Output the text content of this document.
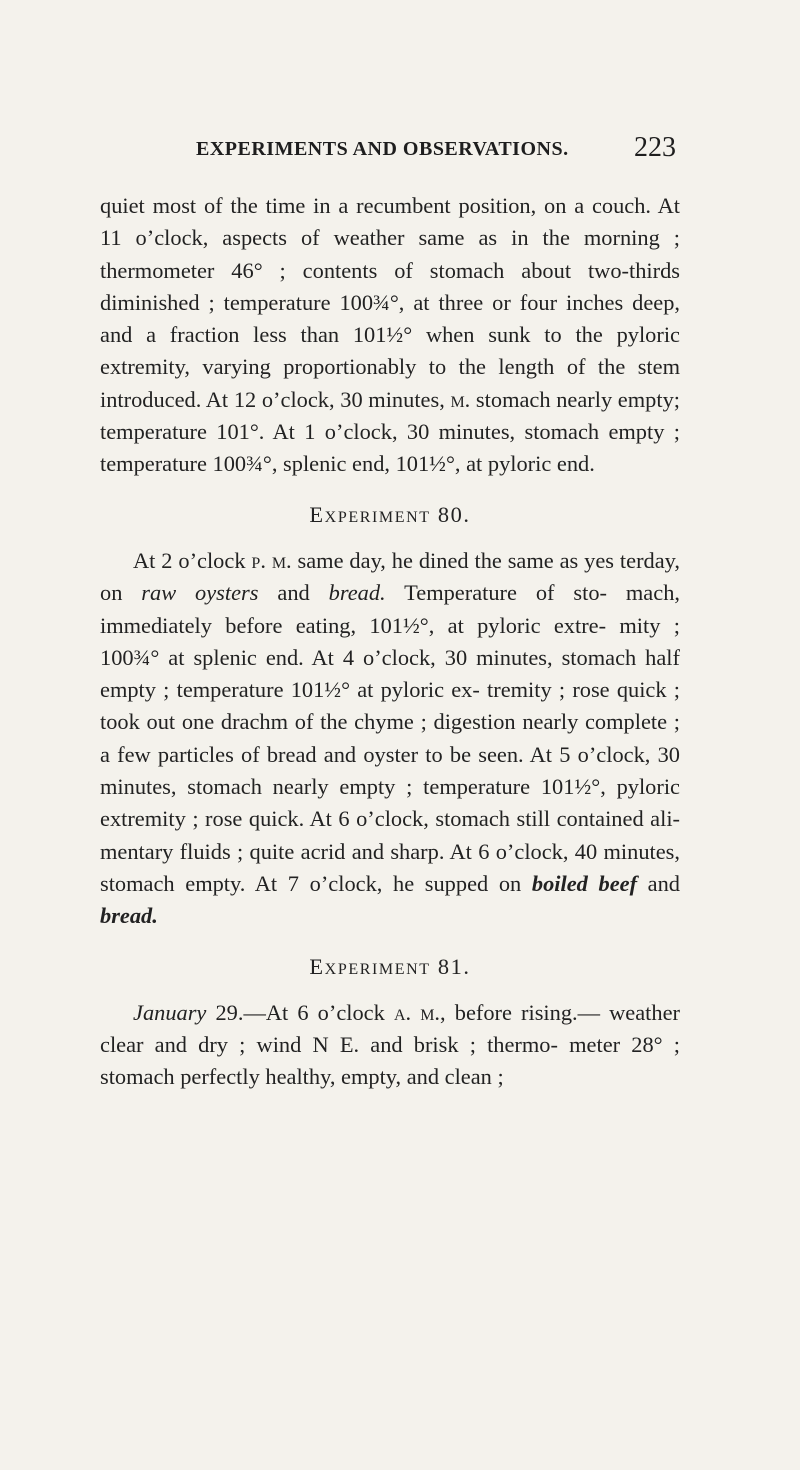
EXPERIMENTS AND OBSERVATIONS. 223

quiet most of the time in a recumbent position, on a couch. At 11 o’clock, aspects of weather same as in the morning ; thermometer 46° ; contents of stomach about two-thirds diminished ; temperature 100¾°, at three or four inches deep, and a fraction less than 101½° when sunk to the pyloric extremity, varying proportionably to the length of the stem introduced. At 12 o’clock, 30 minutes, m. stomach nearly empty; temperature 101°. At 1 o’clock, 30 minutes, stomach empty ; temperature 100¾°, splenic end, 101½°, at pyloric end.

Experiment 80.

At 2 o’clock p. m. same day, he dined the same as yes terday, on raw oysters and bread. Temperature of sto- mach, immediately before eating, 101½°, at pyloric extre- mity ; 100¾° at splenic end. At 4 o’clock, 30 minutes, stomach half empty ; temperature 101½° at pyloric ex- tremity ; rose quick ; took out one drachm of the chyme ; digestion nearly complete ; a few particles of bread and oyster to be seen. At 5 o’clock, 30 minutes, stomach nearly empty ; temperature 101½°, pyloric extremity ; rose quick. At 6 o’clock, stomach still contained ali- mentary fluids ; quite acrid and sharp. At 6 o’clock, 40 minutes, stomach empty. At 7 o’clock, he supped on boiled beef and bread.

Experiment 81.

January 29.—At 6 o’clock a. m., before rising.— weather clear and dry ; wind N E. and brisk ; thermo- meter 28° ; stomach perfectly healthy, empty, and clean ;
